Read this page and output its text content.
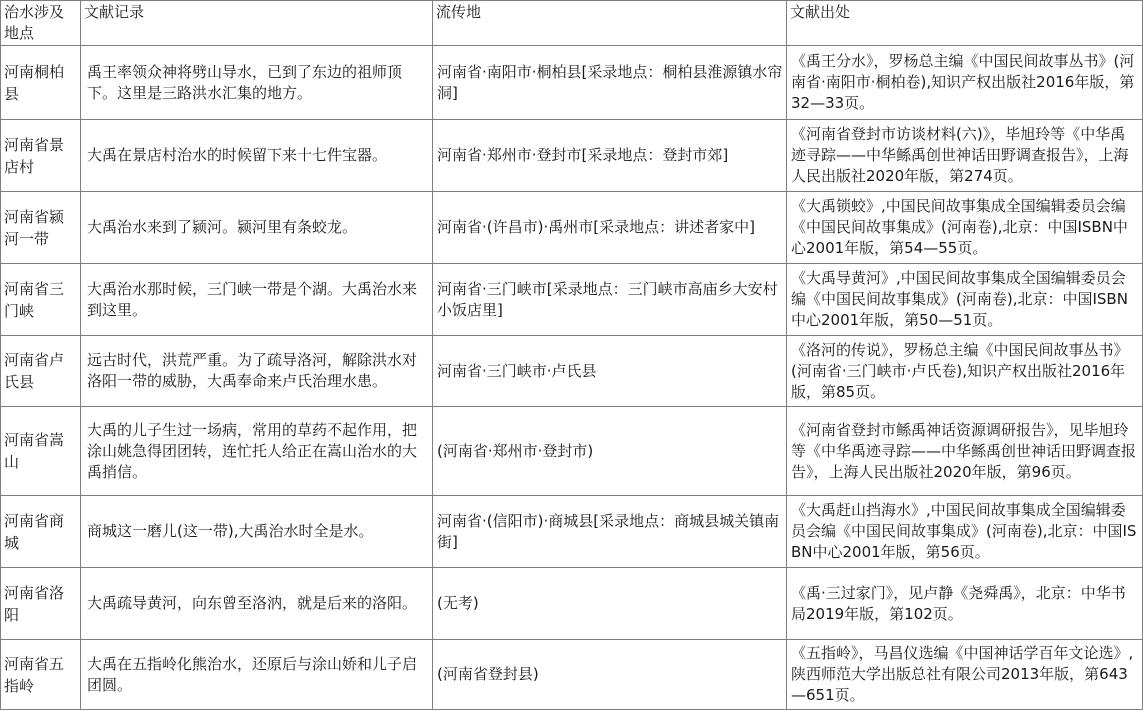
治水涉及地点	文献记录	流传地	文献出处
河南桐柏县	禹王率领众神将劈山导水，已到了东边的祖师顶下。这里是三路洪水汇集的地方。	河南省·南阳市·桐柏县[采录地点：桐柏县淮源镇水帘洞]	《禹王分水》，罗杨总主编《中国民间故事丛书》(河南省·南阳市·桐柏卷),知识产权出版社2016年版，第32—33页。
河南省景店村	大禹在景店村治水的时候留下来十七件宝器。	河南省·郑州市·登封市[采录地点：登封市郊]	《河南省登封市访谈材料(六)》，毕旭玲等《中华禹迹寻踪——中华鲧禹创世神话田野调查报告》，上海人民出版社2020年版，第274页。
河南省颍河一带	大禹治水来到了颍河。颍河里有条蛟龙。	河南省·(许昌市)·禹州市[采录地点：讲述者家中]	《大禹锁蛟》,中国民间故事集成全国编辑委员会编《中国民间故事集成》(河南卷),北京：中国ISBN中心2001年版，第54—55页。
河南省三门峡	大禹治水那时候，三门峡一带是个湖。大禹治水来到这里。	河南省·三门峡市[采录地点：三门峡市高庙乡大安村小饭店里]	《大禹导黄河》,中国民间故事集成全国编辑委员会编《中国民间故事集成》(河南卷),北京：中国ISBN中心2001年版，第50—51页。
河南省卢氏县	远古时代，洪荒严重。为了疏导洛河，解除洪水对洛阳一带的威胁，大禹奉命来卢氏治理水患。	河南省·三门峡市·卢氏县	《洛河的传说》，罗杨总主编《中国民间故事丛书》(河南省·三门峡市·卢氏卷),知识产权出版社2016年版，第85页。
河南省嵩山	大禹的儿子生过一场病，常用的草药不起作用，把涂山姚急得团团转，连忙托人给正在嵩山治水的大禹捎信。	(河南省·郑州市·登封市)	《河南省登封市鲧禹神话资源调研报告》，见毕旭玲等《中华禹迹寻踪——中华鲧禹创世神话田野调查报告》，上海人民出版社2020年版，第96页。
河南省商城	商城这一磨儿(这一带),大禹治水时全是水。	河南省·(信阳市)·商城县[采录地点：商城县城关镇南街]	《大禹赶山挡海水》,中国民间故事集成全国编辑委员会编《中国民间故事集成》(河南卷),北京：中国ISBN中心2001年版，第56页。
河南省洛阳	大禹疏导黄河，向东曾至洛汭，就是后来的洛阳。	(无考)	《禹·三过家门》，见卢静《尧舜禹》，北京：中华书局2019年版，第102页。
河南省五指岭	大禹在五指岭化熊治水，还原后与涂山娇和儿子启团圆。	(河南省登封县)	《五指岭》，马昌仪选编《中国神话学百年文论选》,陕西师范大学出版总社有限公司2013年版，第643—651页。
